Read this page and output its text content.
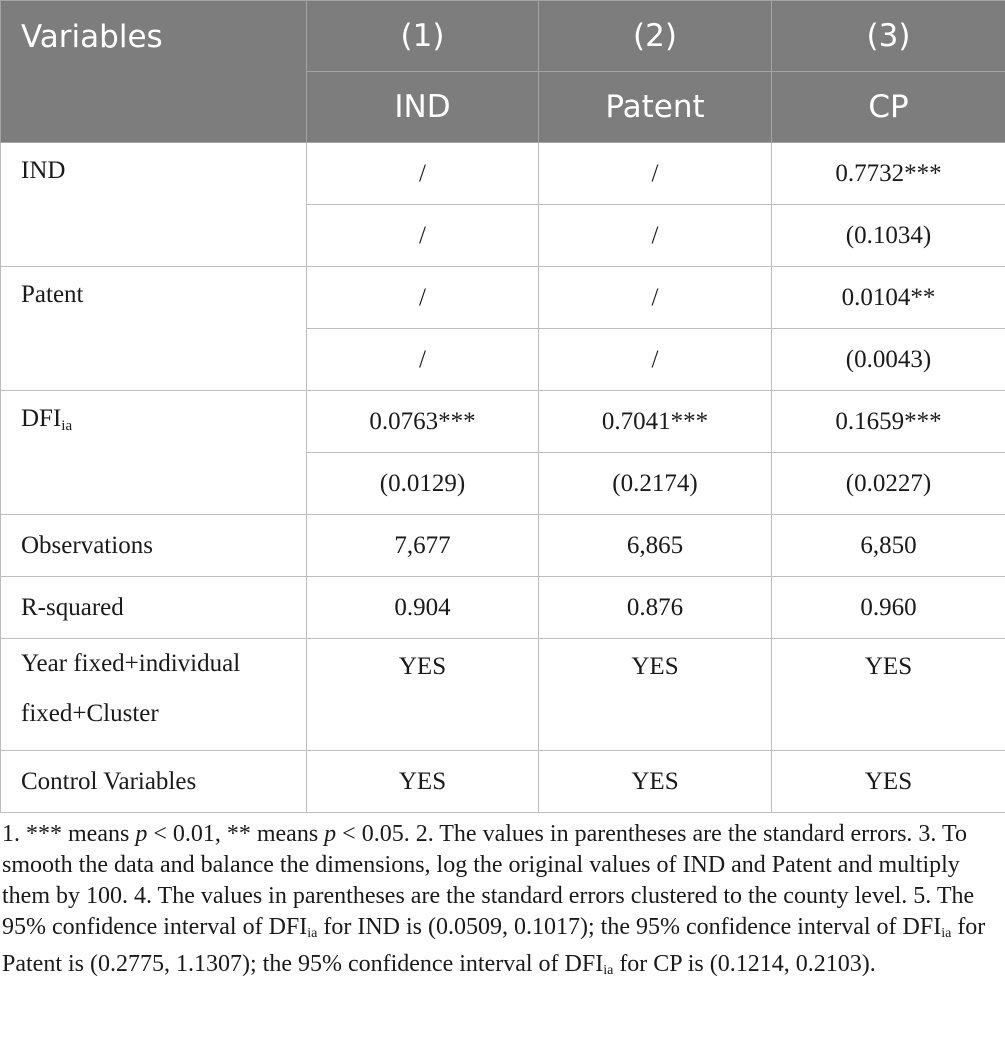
Variables	(1)	(2)	(3)
	IND	Patent	CP
IND	/	/	0.7732***
	/	/	(0.1034)
Patent	/	/	0.0104**
	/	/	(0.0043)
$DFI_{ia}$	0.0763***	0.7041***	0.1659***
	(0.0129)	(0.2174)	(0.0227)
Observations	7,677	6,865	6,850
R-squared	0.904	0.876	0.960
Year fixed+individual fixed+Cluster	YES	YES	YES
Control Variables	YES	YES	YES
1. *** means p < 0.01, ** means p < 0.05. 2. The values in parentheses are the standard errors. 3. To smooth the data and balance the dimensions, log the original values of IND and Patent and multiply them by 100. 4. The values in parentheses are the standard errors clustered to the county level. 5. The 95% confidence interval of $DFI_{ia}$ for IND is (0.0509, 0.1017); the 95% confidence interval of $DFI_{ia}$ for Patent is (0.2775, 1.1307); the 95% confidence interval of $DFI_{ia}$ for CP is (0.1214, 0.2103).
